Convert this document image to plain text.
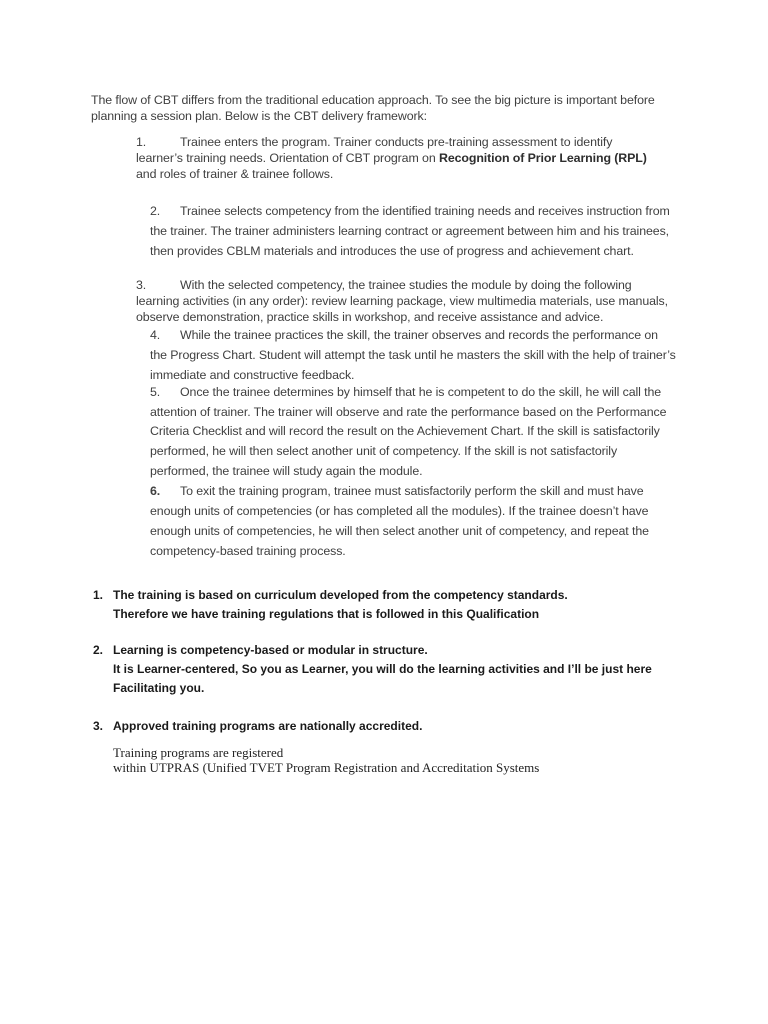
The flow of CBT differs from the traditional education approach. To see the big picture is important before planning a session plan. Below is the CBT delivery framework:
1.	Trainee enters the program. Trainer conducts pre-training assessment to identify learner’s training needs. Orientation of CBT program on Recognition of Prior Learning (RPL) and roles of trainer & trainee follows.
2. Trainee selects competency from the identified training needs and receives instruction from the trainer. The trainer administers learning contract or agreement between him and his trainees, then provides CBLM materials and introduces the use of progress and achievement chart.
3.	With the selected competency, the trainee studies the module by doing the following learning activities (in any order): review learning package, view multimedia materials, use manuals, observe demonstration, practice skills in workshop, and receive assistance and advice.
4. While the trainee practices the skill, the trainer observes and records the performance on the Progress Chart. Student will attempt the task until he masters the skill with the help of trainer’s immediate and constructive feedback.
5. Once the trainee determines by himself that he is competent to do the skill, he will call the attention of trainer. The trainer will observe and rate the performance based on the Performance Criteria Checklist and will record the result on the Achievement Chart. If the skill is satisfactorily performed, he will then select another unit of competency. If the skill is not satisfactorily performed, the trainee will study again the module.
6. To exit the training program, trainee must satisfactorily perform the skill and must have enough units of competencies (or has completed all the modules). If the trainee doesn’t have enough units of competencies, he will then select another unit of competency, and repeat the competency-based training process.
1. The training is based on curriculum developed from the competency standards.
Therefore we have training regulations that is followed in this Qualification
2. Learning is competency-based or modular in structure.
It is Learner-centered, So you as Learner, you will do the learning activities and I’ll be just here Facilitating you.
3. Approved training programs are nationally accredited.
Training programs are registered
within UTPRAS (Unified TVET Program Registration and Accreditation Systems
